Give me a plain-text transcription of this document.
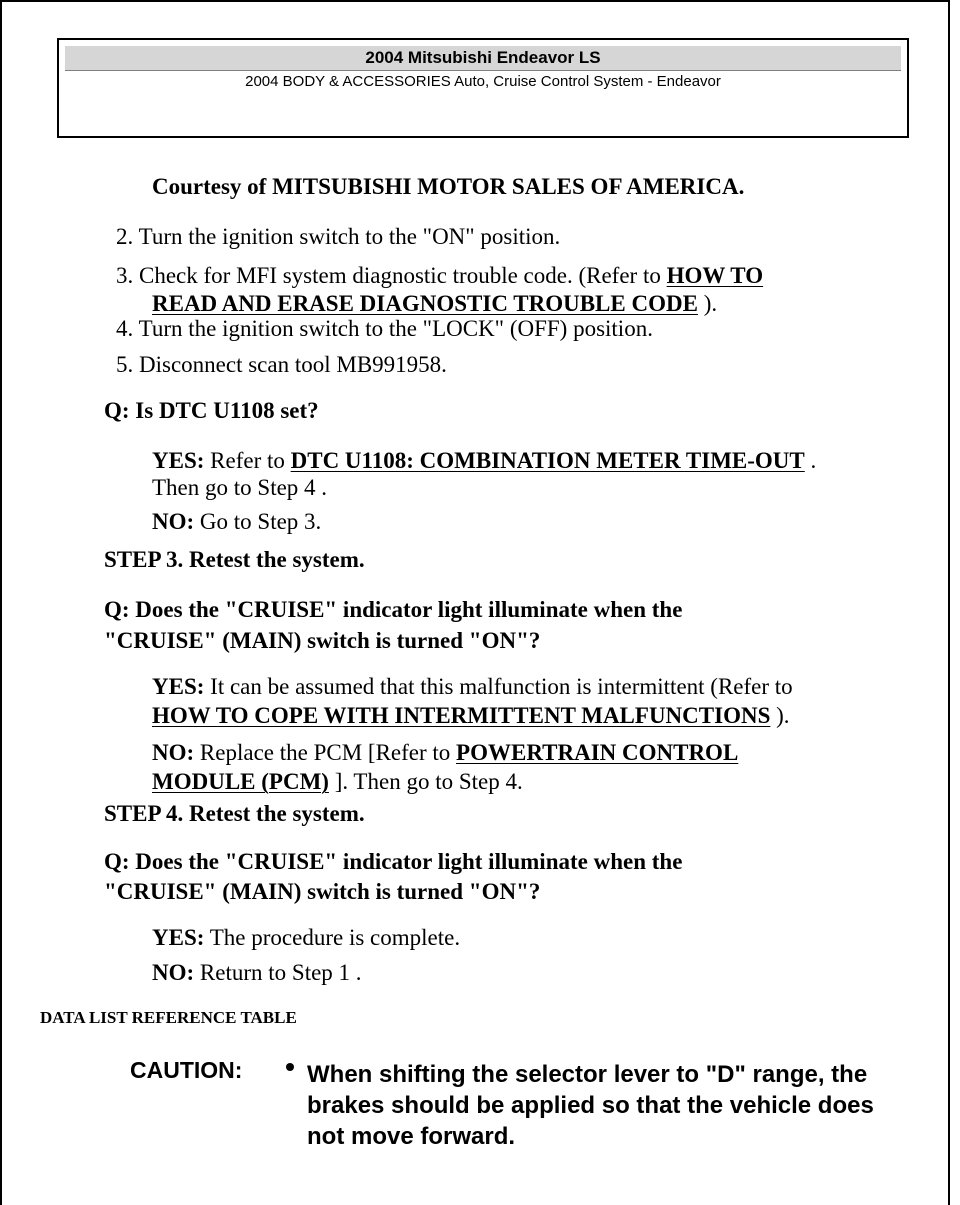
2004 Mitsubishi Endeavor LS
2004 BODY & ACCESSORIES Auto, Cruise Control System - Endeavor
Courtesy of MITSUBISHI MOTOR SALES OF AMERICA.
2. Turn the ignition switch to the "ON" position.
3. Check for MFI system diagnostic trouble code. (Refer to HOW TO
READ AND ERASE DIAGNOSTIC TROUBLE CODE ).
4. Turn the ignition switch to the "LOCK" (OFF) position.
5. Disconnect scan tool MB991958.
Q: Is DTC U1108 set?
YES: Refer to DTC U1108: COMBINATION METER TIME-OUT .
Then go to Step 4 .
NO: Go to Step 3.
STEP 3. Retest the system.
Q: Does the "CRUISE" indicator light illuminate when the
"CRUISE" (MAIN) switch is turned "ON"?
YES: It can be assumed that this malfunction is intermittent (Refer to
HOW TO COPE WITH INTERMITTENT MALFUNCTIONS ).
NO: Replace the PCM [Refer to POWERTRAIN CONTROL
MODULE (PCM) ]. Then go to Step 4.
STEP 4. Retest the system.
Q: Does the "CRUISE" indicator light illuminate when the
"CRUISE" (MAIN) switch is turned "ON"?
YES: The procedure is complete.
NO: Return to Step 1 .
DATA LIST REFERENCE TABLE
CAUTION:	When shifting the selector lever to "D" range, the brakes should be applied so that the vehicle does not move forward.
